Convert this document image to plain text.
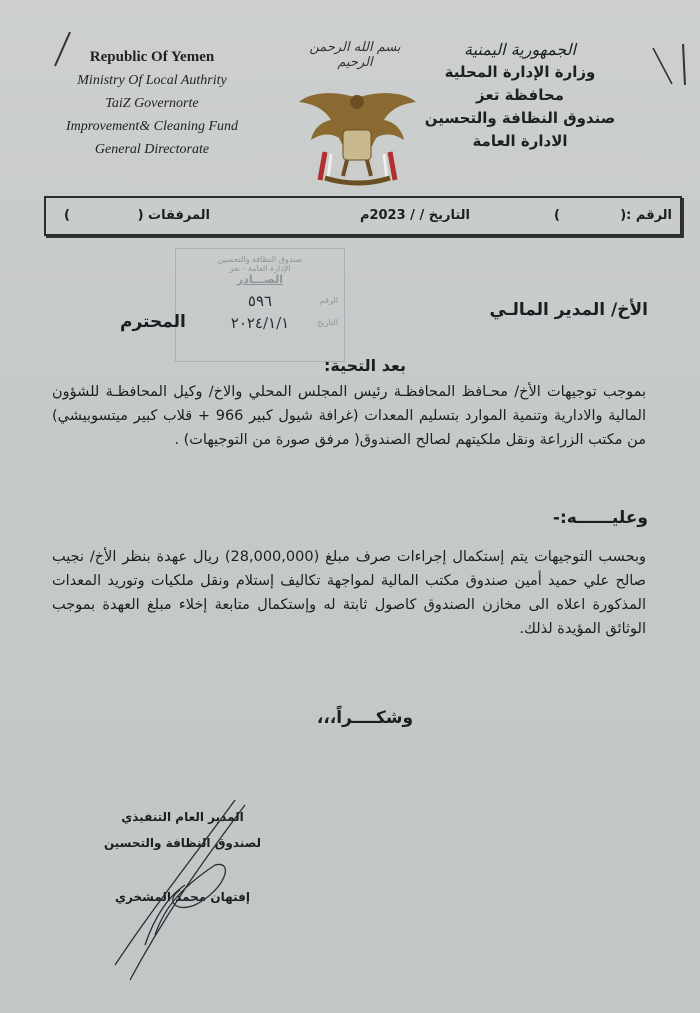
Republic Of Yemen
Ministry Of Local Authrity
TaiZ Governorte
Improvement& Cleaning Fund
General Directorate
الجمهورية اليمنية
وزارة الإدارة المحلية
محافظة تعز
صندوق النظافة والتحسين
الادارة العامة
بسم الله الرحمن الرحيم
الرقم :(
)
التاريخ / / 2023م
المرفقات (
)
صندوق النظافة والتحسين
الإدارة العامة - تعز
الصـــادر
الرقم
٥٩٦
التاريخ
٢٠٢٤/١/١
الأخ/ المدير المالـي
المحترم
بعد التحية:
بموجب توجيهات الأخ/ محـافظ المحافظـة رئيس المجلس المحلي والاخ/ وكيل المحافظـة للشؤون المالية والادارية وتنمية الموارد بتسليم المعدات (غرافة شيول كبير 966 + قلاب كبير ميتسوبيشي) من مكتب الزراعة ونقل ملكيتهم لصالح الصندوق( مرفق صورة من التوجيهات) .
وعليــــــه:-
وبحسب التوجيهات يتم إستكمال إجراءات صرف مبلغ (28,000,000) ريال عهدة بنظر الأخ/ نجيب صالح علي حميد أمين صندوق مكتب المالية لمواجهة تكاليف إستلام ونقل ملكيات وتوريد المعدات المذكورة اعلاه الى مخازن الصندوق كاصول ثابتة له وإستكمال متابعة إخلاء مبلغ العهدة بموجب الوثائق المؤيدة لذلك.
وشكــــراً،،،
المدير العام التنفيذي
لصندوق النظافة والتحسين
إفتهان محمد المشخري
